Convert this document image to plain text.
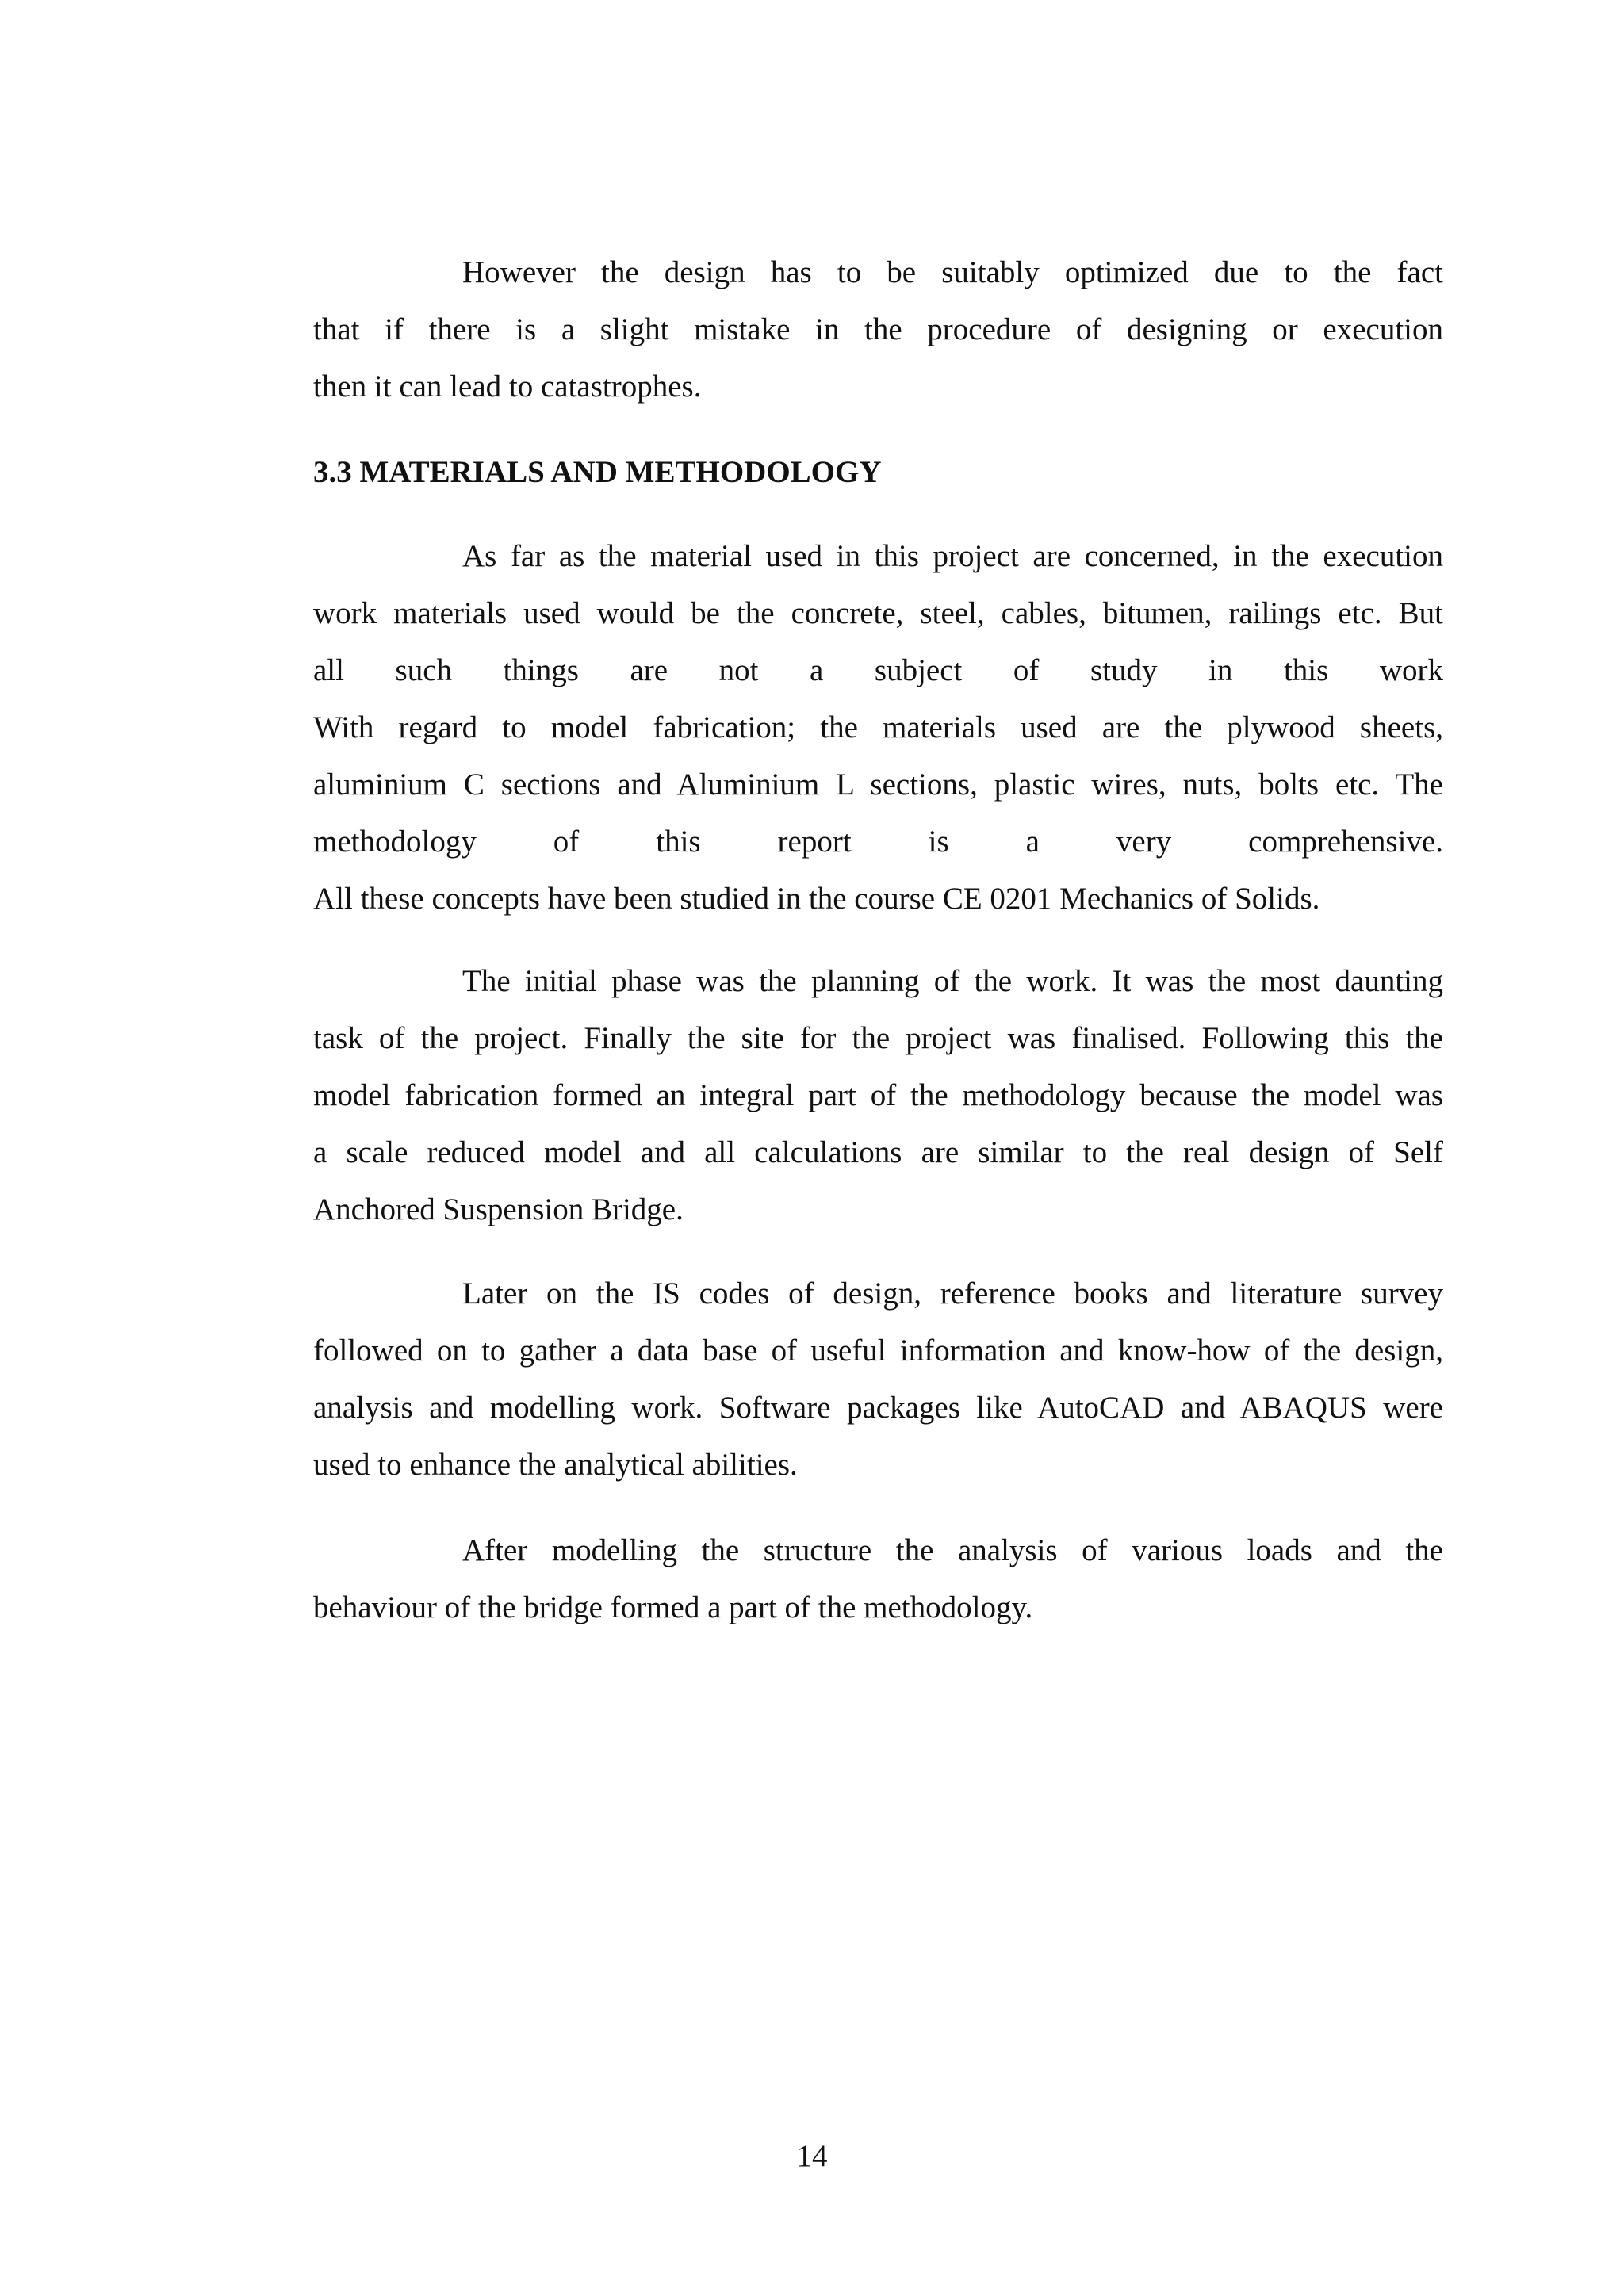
However the design has to be suitably optimized due to the fact
that if there is a slight mistake in the procedure of designing or execution
then it can lead to catastrophes.
3.3 MATERIALS AND METHODOLOGY
As far as the material used in this project are concerned, in the execution
work materials used would be the concrete, steel, cables, bitumen, railings etc. But
all such things are not a subject of study in this work
With regard to model fabrication; the materials used are the plywood sheets,
aluminium C sections and Aluminium L sections, plastic wires, nuts, bolts etc. The
methodology of this report is a very comprehensive.
All these concepts have been studied in the course CE 0201 Mechanics of Solids.
The initial phase was the planning of the work. It was the most daunting
task of the project. Finally the site for the project was finalised. Following this the
model fabrication formed an integral part of the methodology because the model was
a scale reduced model and all calculations are similar to the real design of Self
Anchored Suspension Bridge.
Later on the IS codes of design, reference books and literature survey
followed on to gather a data base of useful information and know-how of the design,
analysis and modelling work. Software packages like AutoCAD and ABAQUS were
used to enhance the analytical abilities.
After modelling the structure the analysis of various loads and the
behaviour of the bridge formed a part of the methodology.
14
